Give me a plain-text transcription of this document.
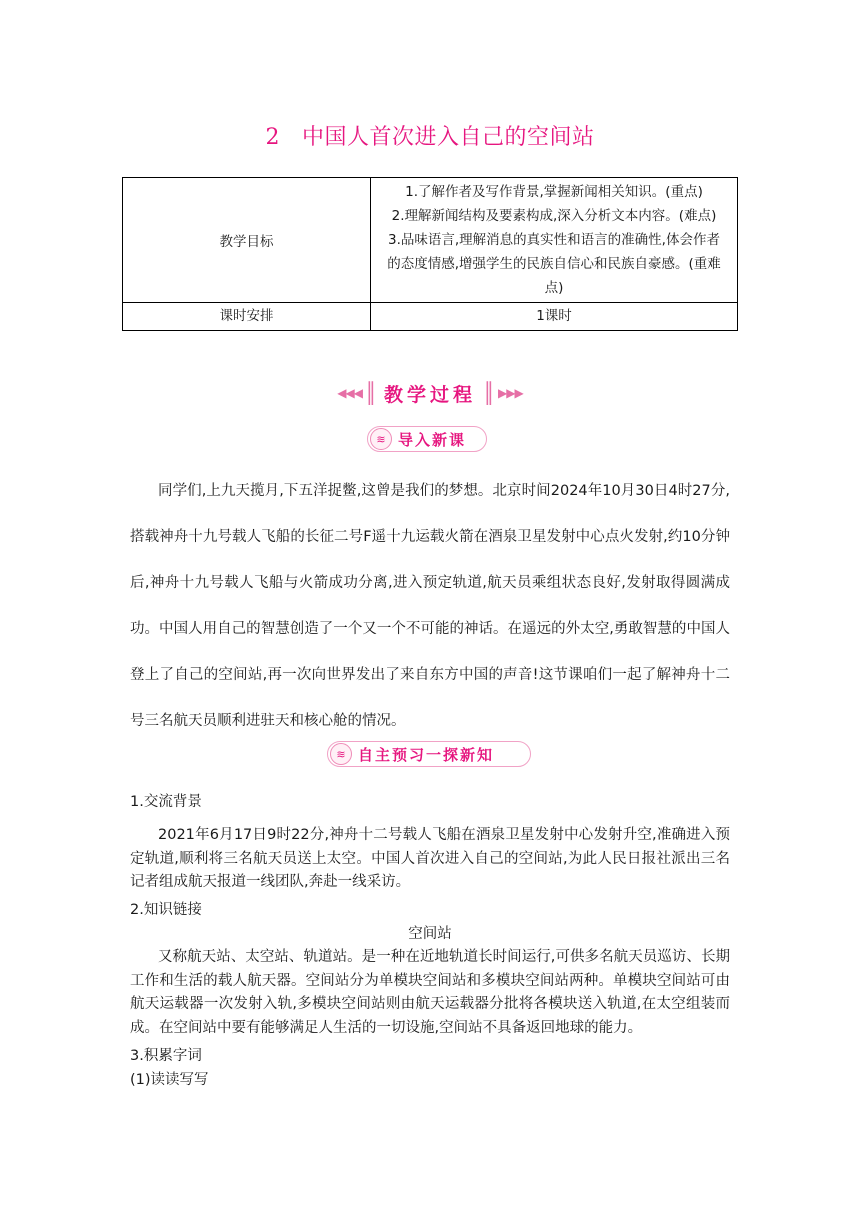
2 中国人首次进入自己的空间站
教学目标	1.了解作者及写作背景,掌握新闻相关知识。(重点)
2.理解新闻结构及要素构成,深入分析文本内容。(难点)
3.品味语言,理解消息的真实性和语言的准确性,体会作者的态度情感,增强学生的民族自信心和民族自豪感。(重难点)

课时安排	1课时
◀◀◀ ║ 教学过程 ║ ▶▶▶
≋ 导入新课

同学们,上九天揽月,下五洋捉鳖,这曾是我们的梦想。北京时间2024年10月30日4时27分,搭载神舟十九号载人飞船的长征二号F遥十九运载火箭在酒泉卫星发射中心点火发射,约10分钟后,神舟十九号载人飞船与火箭成功分离,进入预定轨道,航天员乘组状态良好,发射取得圆满成功。中国人用自己的智慧创造了一个又一个不可能的神话。在遥远的外太空,勇敢智慧的中国人登上了自己的空间站,再一次向世界发出了来自东方中国的声音!这节课咱们一起了解神舟十二号三名航天员顺利进驻天和核心舱的情况。

≋ 自主预习一探新知

1.交流背景

2021年6月17日9时22分,神舟十二号载人飞船在酒泉卫星发射中心发射升空,准确进入预定轨道,顺利将三名航天员送上太空。中国人首次进入自己的空间站,为此人民日报社派出三名记者组成航天报道一线团队,奔赴一线采访。

2.知识链接

空间站

又称航天站、太空站、轨道站。是一种在近地轨道长时间运行,可供多名航天员巡访、长期工作和生活的载人航天器。空间站分为单模块空间站和多模块空间站两种。单模块空间站可由航天运载器一次发射入轨,多模块空间站则由航天运载器分批将各模块送入轨道,在太空组装而成。在空间站中要有能够满足人生活的一切设施,空间站不具备返回地球的能力。

3.积累字词

(1)读读写写
